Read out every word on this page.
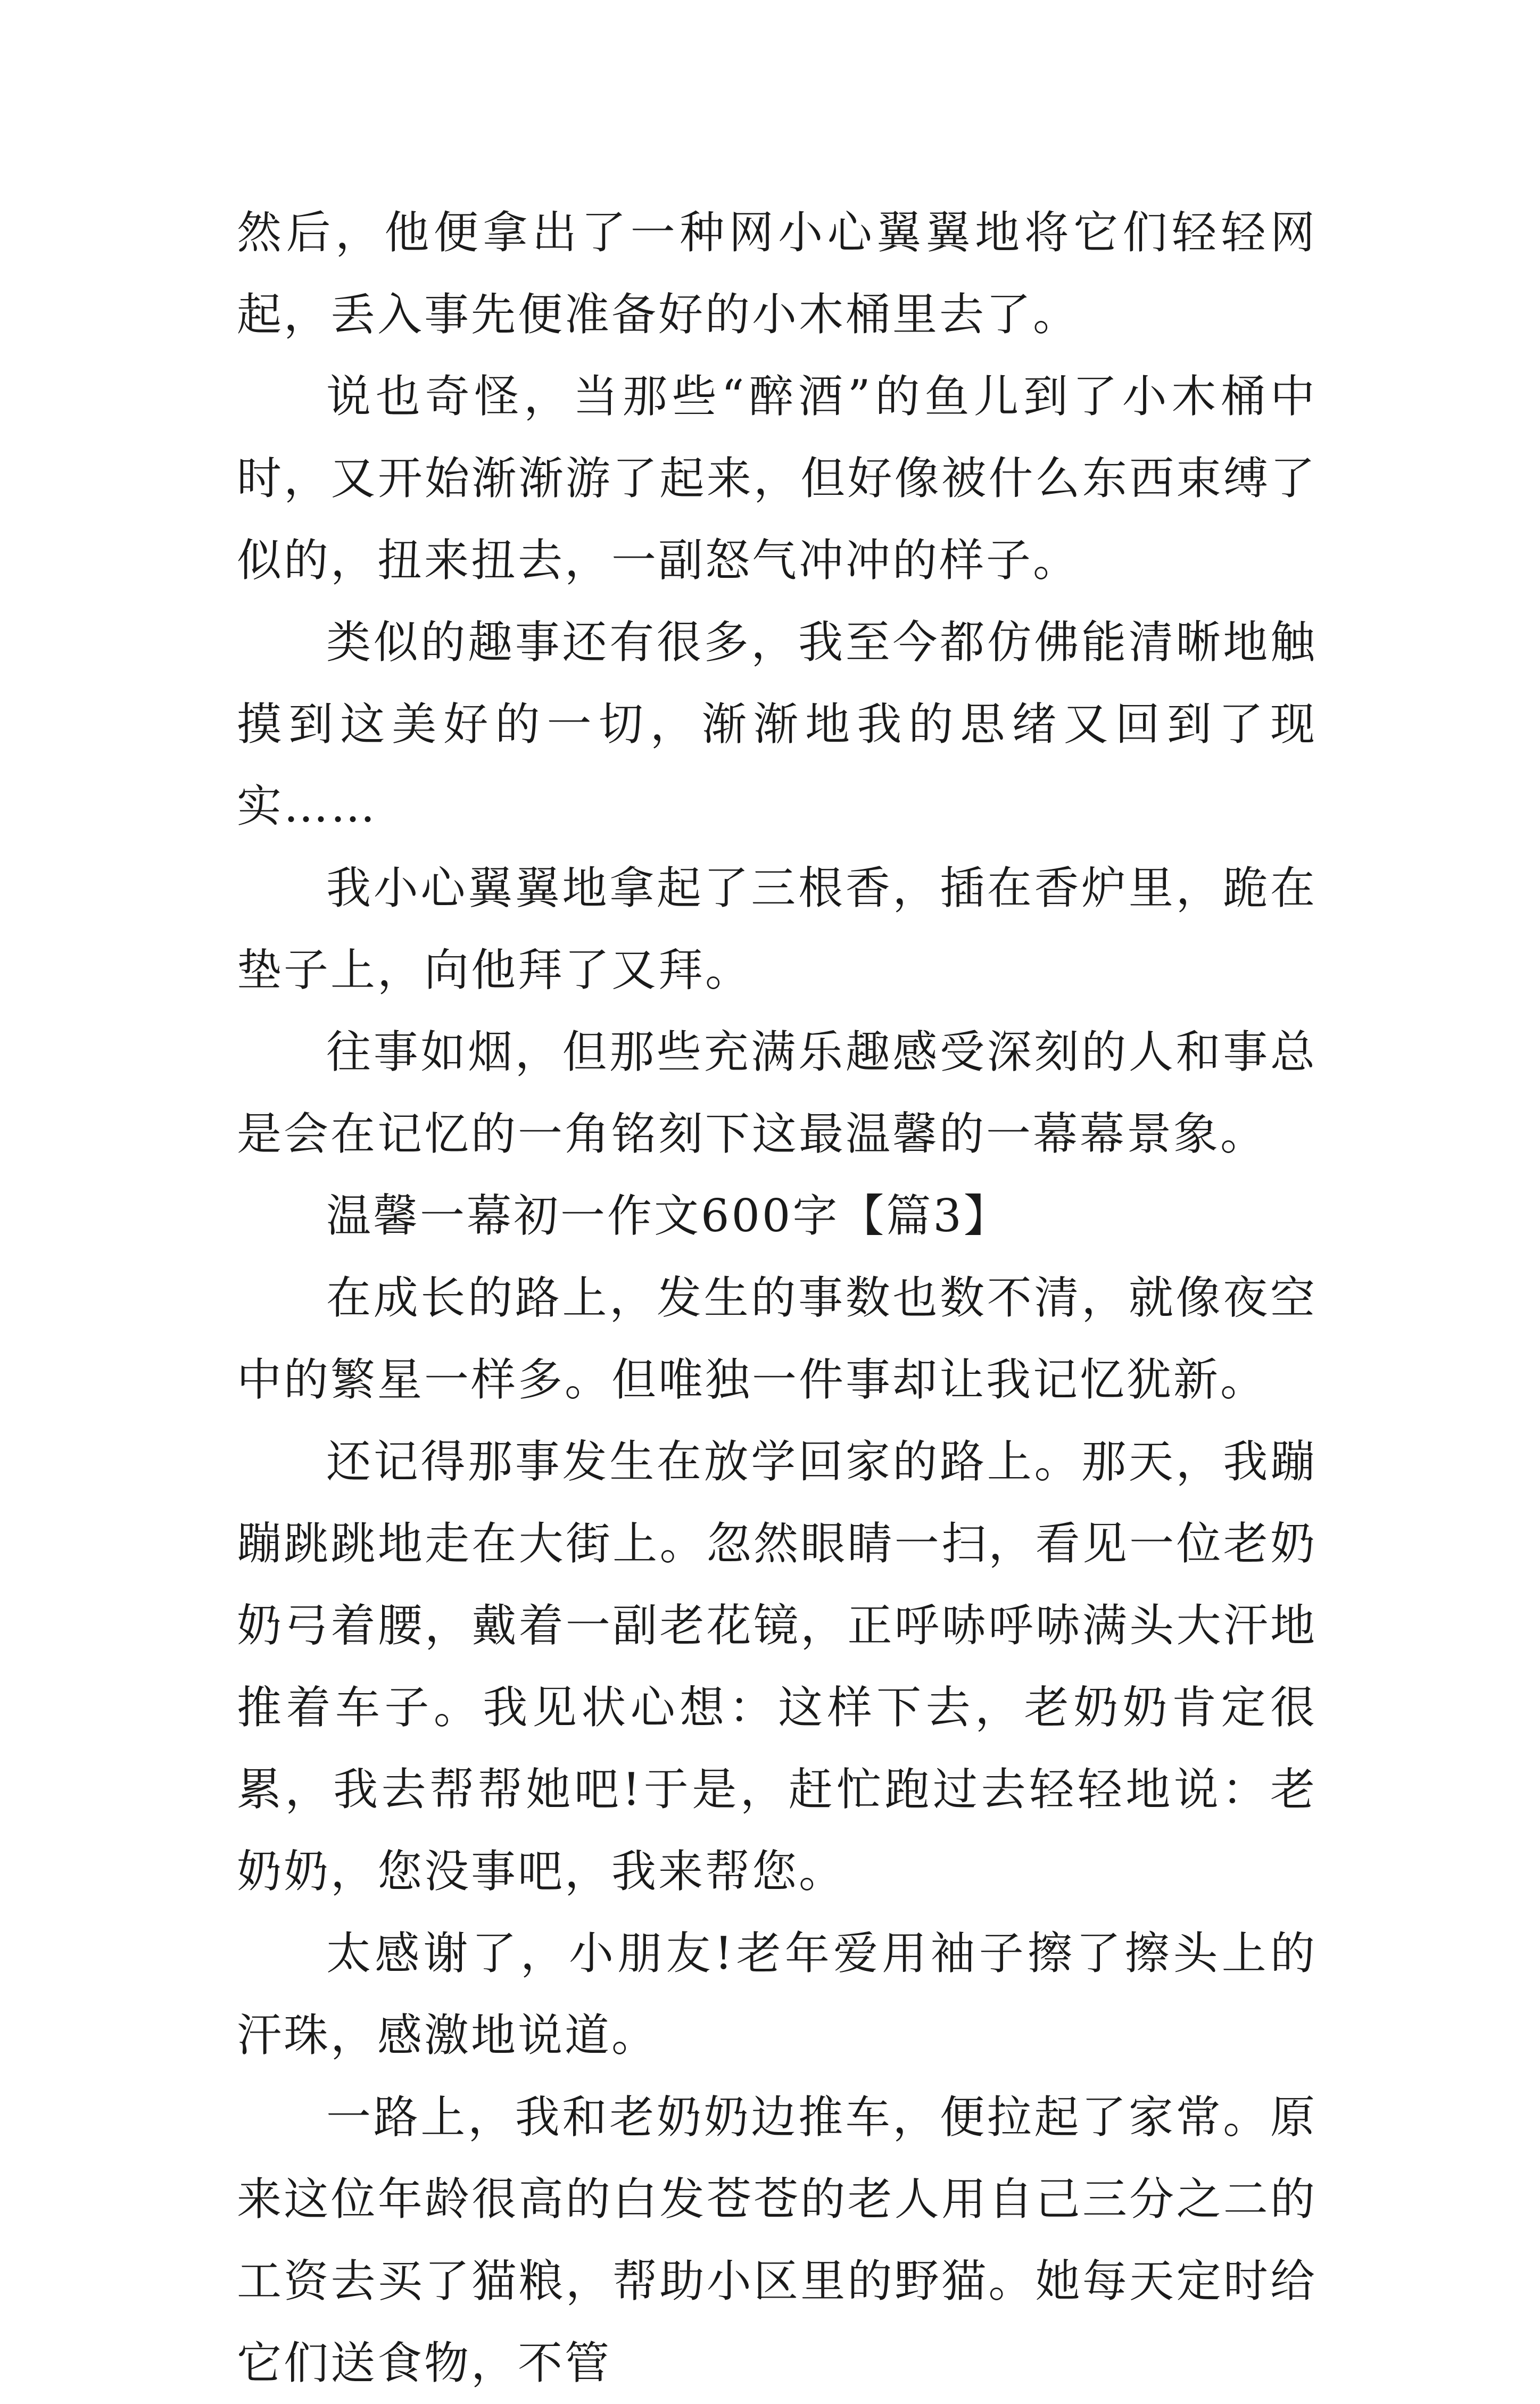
然后，他便拿出了一种网小心翼翼地将它们轻轻网起，丢入事先便准备好的小木桶里去了。

说也奇怪，当那些“醉酒”的鱼儿到了小木桶中时，又开始渐渐游了起来，但好像被什么东西束缚了似的，扭来扭去，一副怒气冲冲的样子。

类似的趣事还有很多，我至今都仿佛能清晰地触摸到这美好的一切，渐渐地我的思绪又回到了现实……

我小心翼翼地拿起了三根香，插在香炉里，跪在垫子上，向他拜了又拜。

往事如烟，但那些充满乐趣感受深刻的人和事总是会在记忆的一角铭刻下这最温馨的一幕幕景象。

温馨一幕初一作文600字【篇3】

在成长的路上，发生的事数也数不清，就像夜空中的繁星一样多。但唯独一件事却让我记忆犹新。

还记得那事发生在放学回家的路上。那天，我蹦蹦跳跳地走在大街上。忽然眼睛一扫，看见一位老奶奶弓着腰，戴着一副老花镜，正呼哧呼哧满头大汗地推着车子。我见状心想：这样下去，老奶奶肯定很累，我去帮帮她吧!于是，赶忙跑过去轻轻地说：老奶奶，您没事吧，我来帮您。

太感谢了，小朋友!老年爱用袖子擦了擦头上的汗珠，感激地说道。

一路上，我和老奶奶边推车，便拉起了家常。原来这位年龄很高的白发苍苍的老人用自己三分之二的工资去买了猫粮，帮助小区里的野猫。她每天定时给它们送食物，不管
